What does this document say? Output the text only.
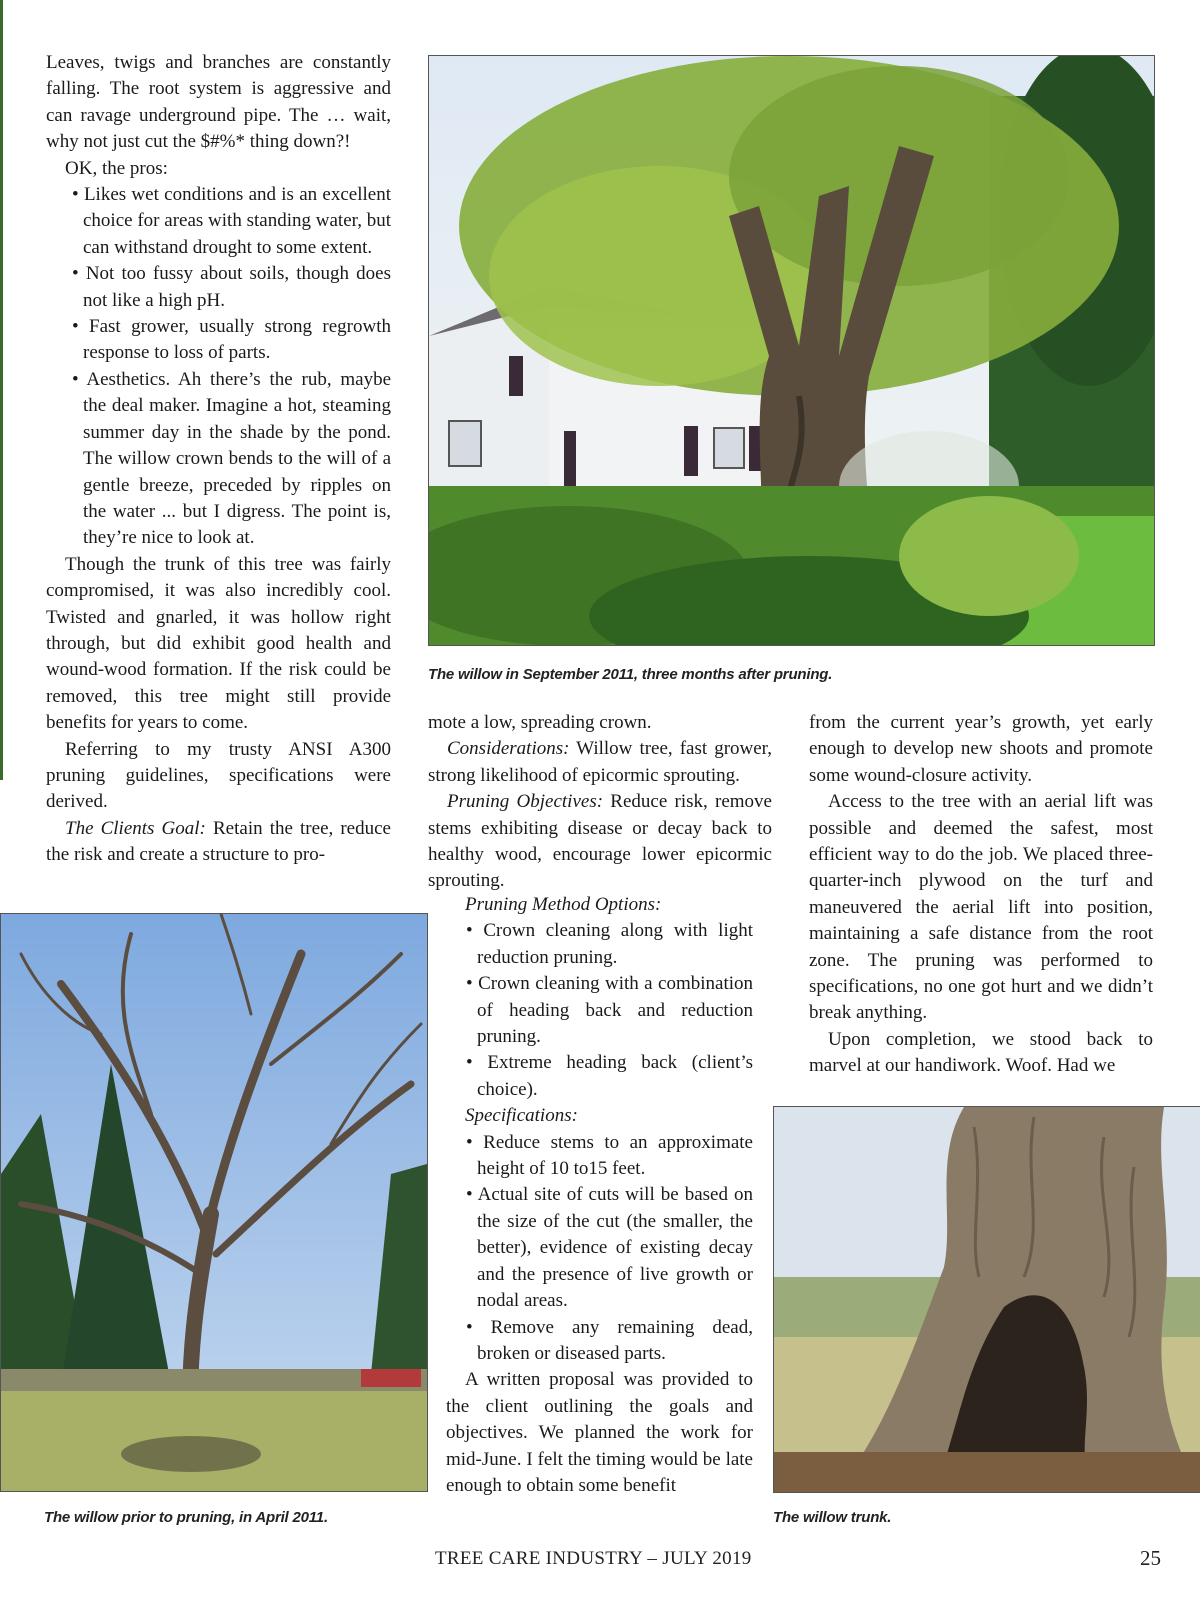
Leaves, twigs and branches are constantly falling. The root system is aggressive and can ravage underground pipe. The … wait, why not just cut the $#%* thing down?!

OK, the pros:

• Likes wet conditions and is an excellent choice for areas with standing water, but can withstand drought to some extent.

• Not too fussy about soils, though does not like a high pH.

• Fast grower, usually strong regrowth response to loss of parts.

• Aesthetics. Ah there’s the rub, maybe the deal maker. Imagine a hot, steaming summer day in the shade by the pond. The willow crown bends to the will of a gentle breeze, preceded by ripples on the water ... but I digress. The point is, they’re nice to look at.

Though the trunk of this tree was fairly compromised, it was also incredibly cool. Twisted and gnarled, it was hollow right through, but did exhibit good health and wound-wood formation. If the risk could be removed, this tree might still provide benefits for years to come.

Referring to my trusty ANSI A300 pruning guidelines, specifications were derived.

The Clients Goal: Retain the tree, reduce the risk and create a structure to pro-

The willow in September 2011, three months after pruning.

mote a low, spreading crown.

Considerations: Willow tree, fast grower, strong likelihood of epicormic sprouting.

Pruning Objectives: Reduce risk, remove stems exhibiting disease or decay back to healthy wood, encourage lower epicormic sprouting.

Pruning Method Options:

• Crown cleaning along with light reduction pruning.

• Crown cleaning with a combination of heading back and reduction pruning.

• Extreme heading back (client’s choice).

Specifications:

• Reduce stems to an approximate height of 10 to15 feet.

• Actual site of cuts will be based on the size of the cut (the smaller, the better), evidence of existing decay and the presence of live growth or nodal areas.

• Remove any remaining dead, broken or diseased parts.

A written proposal was provided to the client outlining the goals and objectives. We planned the work for mid-June. I felt the timing would be late enough to obtain some benefit

from the current year’s growth, yet early enough to develop new shoots and promote some wound-closure activity.

Access to the tree with an aerial lift was possible and deemed the safest, most efficient way to do the job. We placed three-quarter-inch plywood on the turf and maneuvered the aerial lift into position, maintaining a safe distance from the root zone. The pruning was performed to specifications, no one got hurt and we didn’t break anything.

Upon completion, we stood back to marvel at our handiwork. Woof. Had we

The willow prior to pruning, in April 2011.	The willow trunk.
TREE CARE INDUSTRY – JULY 2019	25
